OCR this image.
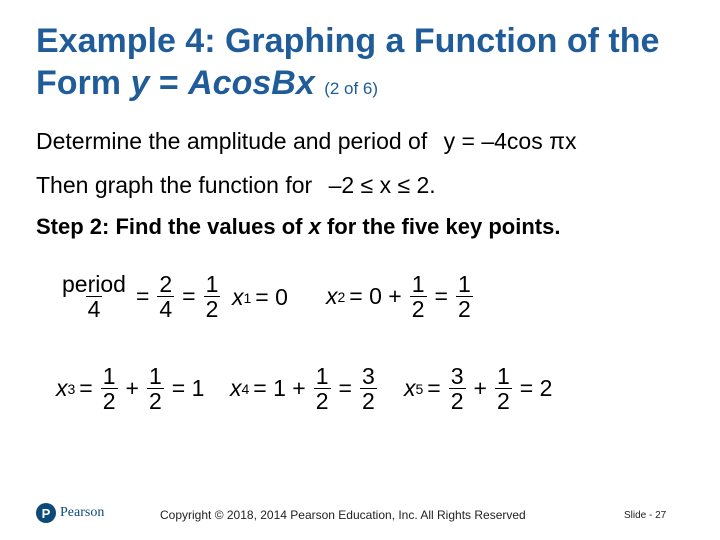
Example 4: Graphing a Function of the Form y = AcosBx (2 of 6)
Determine the amplitude and period of y = –4cos πx
Then graph the function for –2 ≤ x ≤ 2.
Step 2: Find the values of x for the five key points.
$\frac{\text{period}}{4} = \frac{2}{4} = \frac{1}{2}$ x 1 = 0 x $2 = 0 + \frac{1}{2} = \frac{1}{2}$
x $3 = \frac{1}{2} + \frac{1}{2} = 1$ x $4 = 1 + \frac{1}{2} = \frac{3}{2}$ x $5 = \frac{3}{2} + \frac{1}{2} = 2$
P Pearson	Copyright © 2018, 2014 Pearson Education, Inc. All Rights Reserved	Slide - 27
